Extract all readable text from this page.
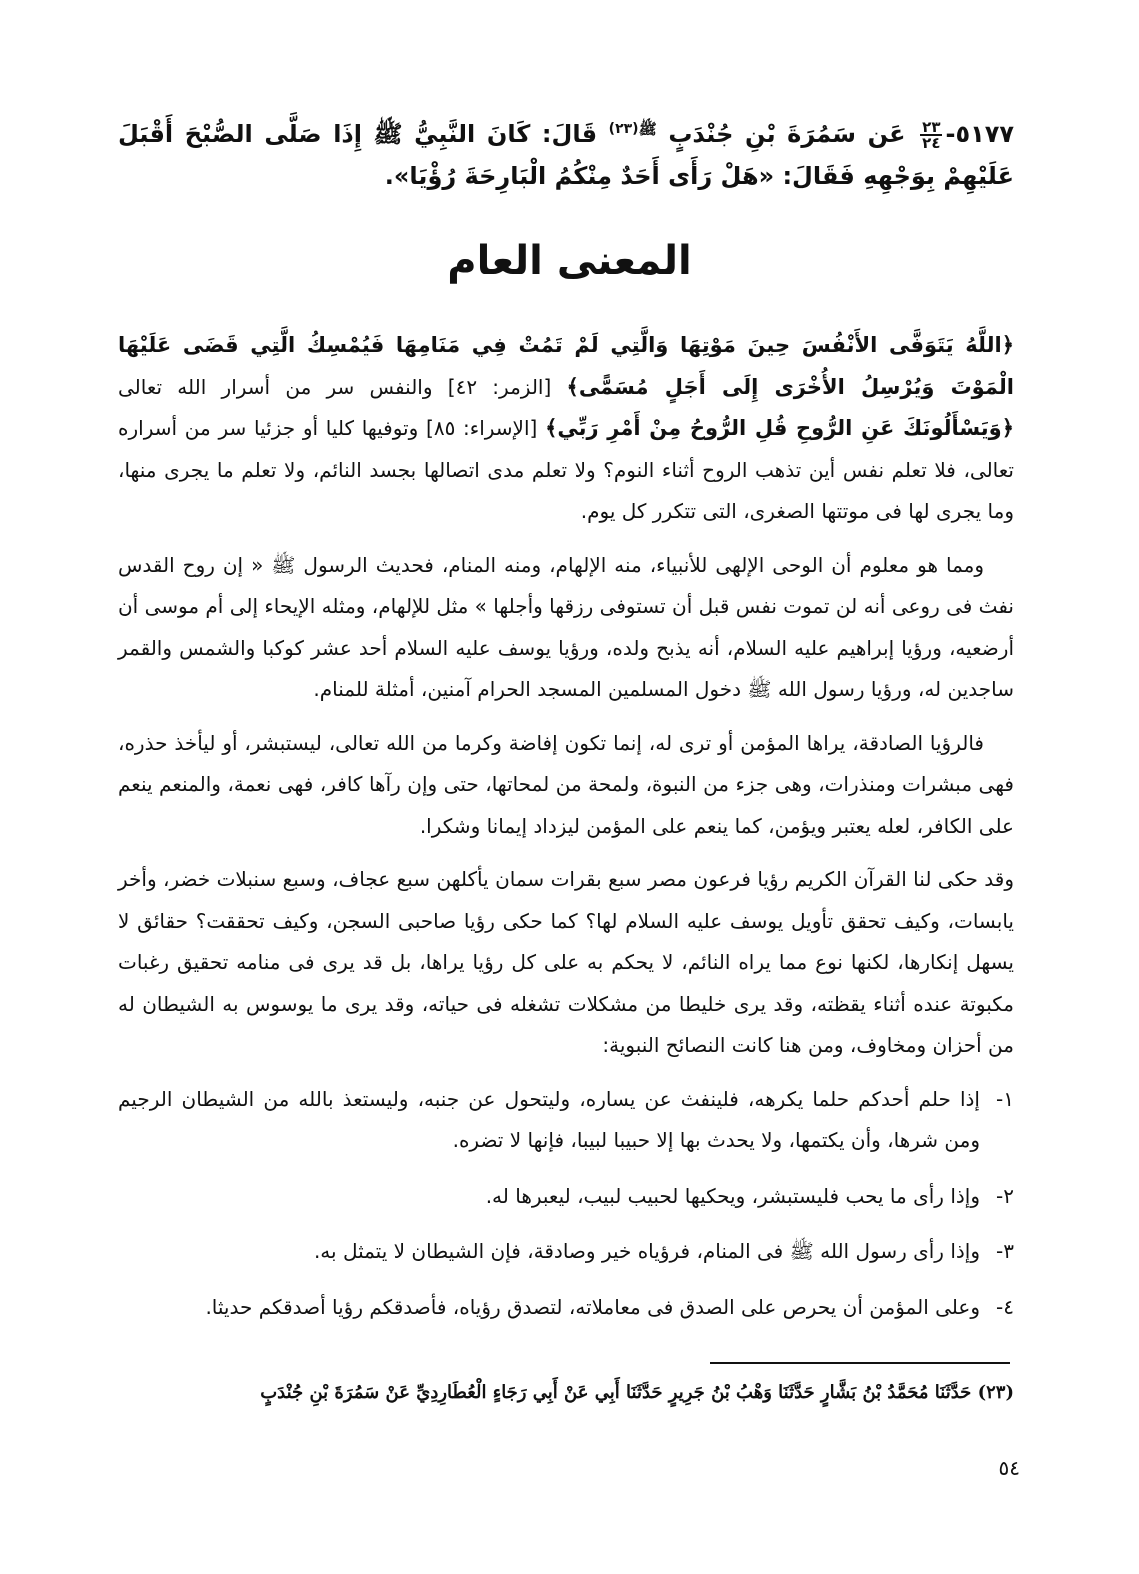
٥١٧٧-
$\frac{٢٣}{٢٤}$
عَن سَمُرَةَ بْنِ جُنْدَبٍ $^{ﷺ(٢٣)}$ قَالَ: كَانَ النَّبِيُّ ﷺ إِذَا صَلَّى الصُّبْحَ أَقْبَلَ عَلَيْهِمْ بِوَجْهِهِ فَقَالَ: «هَلْ رَأَى أَحَدٌ مِنْكُمُ الْبَارِحَةَ رُؤْيَا».
المعنى العام

﴿اللَّهُ يَتَوَفَّى الأَنْفُسَ حِينَ مَوْتِهَا وَالَّتِي لَمْ تَمُتْ فِي مَنَامِهَا فَيُمْسِكُ الَّتِي قَضَى عَلَيْهَا الْمَوْتَ وَيُرْسِلُ الأُخْرَى إِلَى أَجَلٍ مُسَمًّى﴾ [الزمر: ٤٢] والنفس سر من أسرار الله تعالى ﴿وَيَسْأَلُونَكَ عَنِ الرُّوحِ قُلِ الرُّوحُ مِنْ أَمْرِ رَبِّي﴾ [الإسراء: ٨٥] وتوفيها كليا أو جزئيا سر من أسراره تعالى، فلا تعلم نفس أين تذهب الروح أثناء النوم؟ ولا تعلم مدى اتصالها بجسد النائم، ولا تعلم ما يجرى منها، وما يجرى لها فى موتتها الصغرى، التى تتكرر كل يوم.

ومما هو معلوم أن الوحى الإلهى للأنبياء، منه الإلهام، ومنه المنام، فحديث الرسول ﷺ « إن روح القدس نفث فى روعى أنه لن تموت نفس قبل أن تستوفى رزقها وأجلها » مثل للإلهام، ومثله الإيحاء إلى أم موسى أن أرضعيه، ورؤيا إبراهيم عليه السلام، أنه يذبح ولده، ورؤيا يوسف عليه السلام أحد عشر كوكبا والشمس والقمر ساجدين له، ورؤيا رسول الله ﷺ دخول المسلمين المسجد الحرام آمنين، أمثلة للمنام.

فالرؤيا الصادقة، يراها المؤمن أو ترى له، إنما تكون إفاضة وكرما من الله تعالى، ليستبشر، أو ليأخذ حذره، فهى مبشرات ومنذرات، وهى جزء من النبوة، ولمحة من لمحاتها، حتى وإن رآها كافر، فهى نعمة، والمنعم ينعم على الكافر، لعله يعتبر ويؤمن، كما ينعم على المؤمن ليزداد إيمانا وشكرا.

وقد حكى لنا القرآن الكريم رؤيا فرعون مصر سبع بقرات سمان يأكلهن سبع عجاف، وسبع سنبلات خضر، وأخر يابسات، وكيف تحقق تأويل يوسف عليه السلام لها؟ كما حكى رؤيا صاحبى السجن، وكيف تحققت؟ حقائق لا يسهل إنكارها، لكنها نوع مما يراه النائم، لا يحكم به على كل رؤيا يراها، بل قد يرى فى منامه تحقيق رغبات مكبوتة عنده أثناء يقظته، وقد يرى خليطا من مشكلات تشغله فى حياته، وقد يرى ما يوسوس به الشيطان له من أحزان ومخاوف، ومن هنا كانت النصائح النبوية:

١-إذا حلم أحدكم حلما يكرهه، فلينفث عن يساره، وليتحول عن جنبه، وليستعذ بالله من الشيطان الرجيم ومن شرها، وأن يكتمها، ولا يحدث بها إلا حبيبا لبيبا، فإنها لا تضره.
٢-وإذا رأى ما يحب فليستبشر، ويحكيها لحبيب لبيب، ليعبرها له.
٣-وإذا رأى رسول الله ﷺ فى المنام، فرؤياه خير وصادقة، فإن الشيطان لا يتمثل به.
٤-وعلى المؤمن أن يحرص على الصدق فى معاملاته، لتصدق رؤياه، فأصدقكم رؤيا أصدقكم حديثا.
(٢٣) حَدَّثَنَا مُحَمَّدُ بْنُ بَشَّارٍ حَدَّثَنَا وَهْبُ بْنُ جَرِيرٍ حَدَّثَنَا أَبِي عَنْ أَبِي رَجَاءٍ الْعُطَارِدِيِّ عَنْ سَمُرَةَ بْنِ جُنْدَبٍ
٥٤
